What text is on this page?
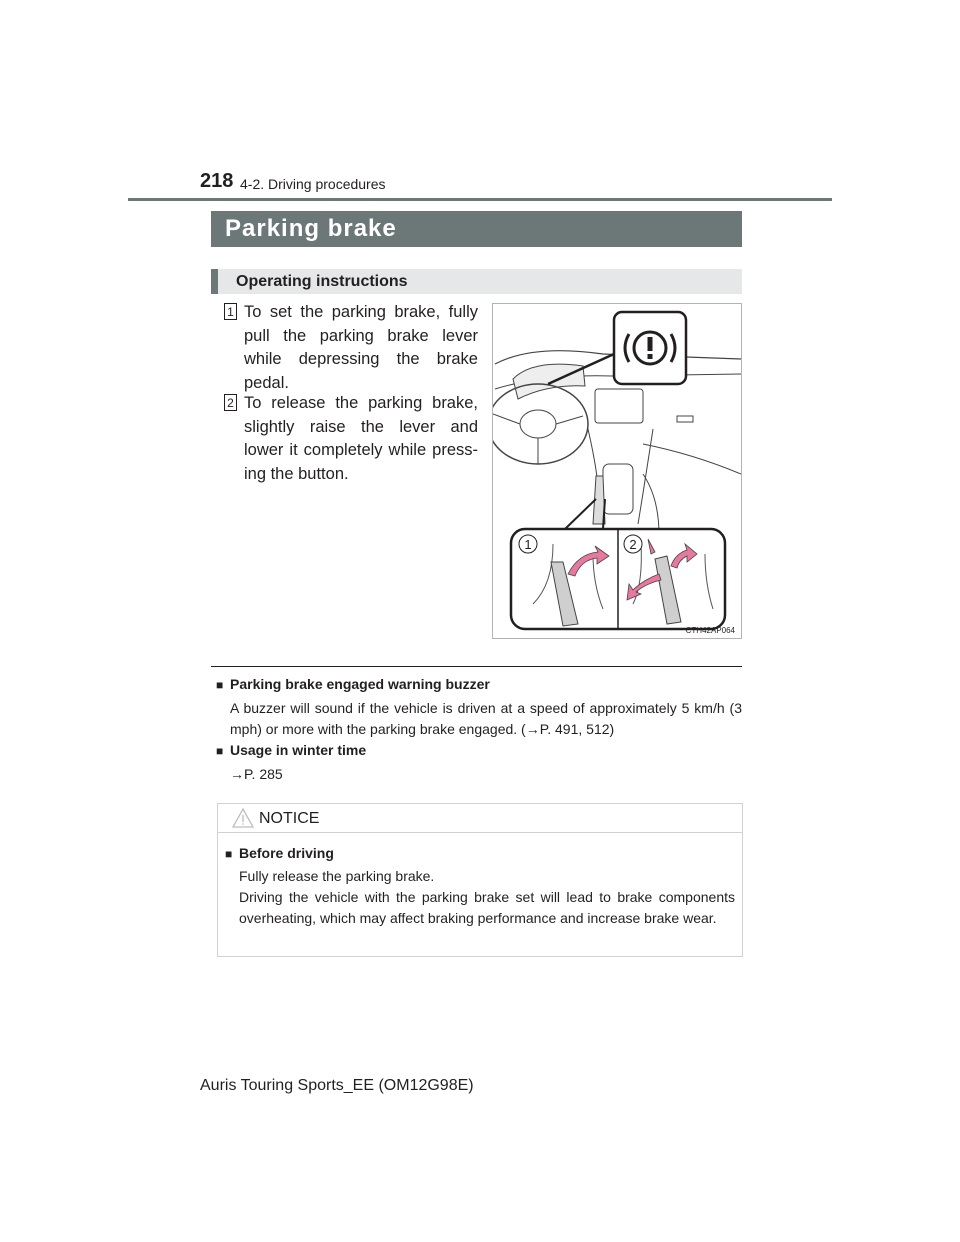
218 4-2. Driving procedures
Parking brake
Operating instructions
1 To set the parking brake, fully pull the parking brake lever while depressing the brake pedal.
2 To release the parking brake, slightly raise the lever and lower it completely while press-ing the button.
1	2
CTH42AP064
■ Parking brake engaged warning buzzer
A buzzer will sound if the vehicle is driven at a speed of approximately 5 km/h (3 mph) or more with the parking brake engaged. (→P. 491, 512)
■ Usage in winter time
→P. 285
NOTICE
■ Before driving
Fully release the parking brake.
Driving the vehicle with the parking brake set will lead to brake components overheating, which may affect braking performance and increase brake wear.
Auris Touring Sports_EE (OM12G98E)
